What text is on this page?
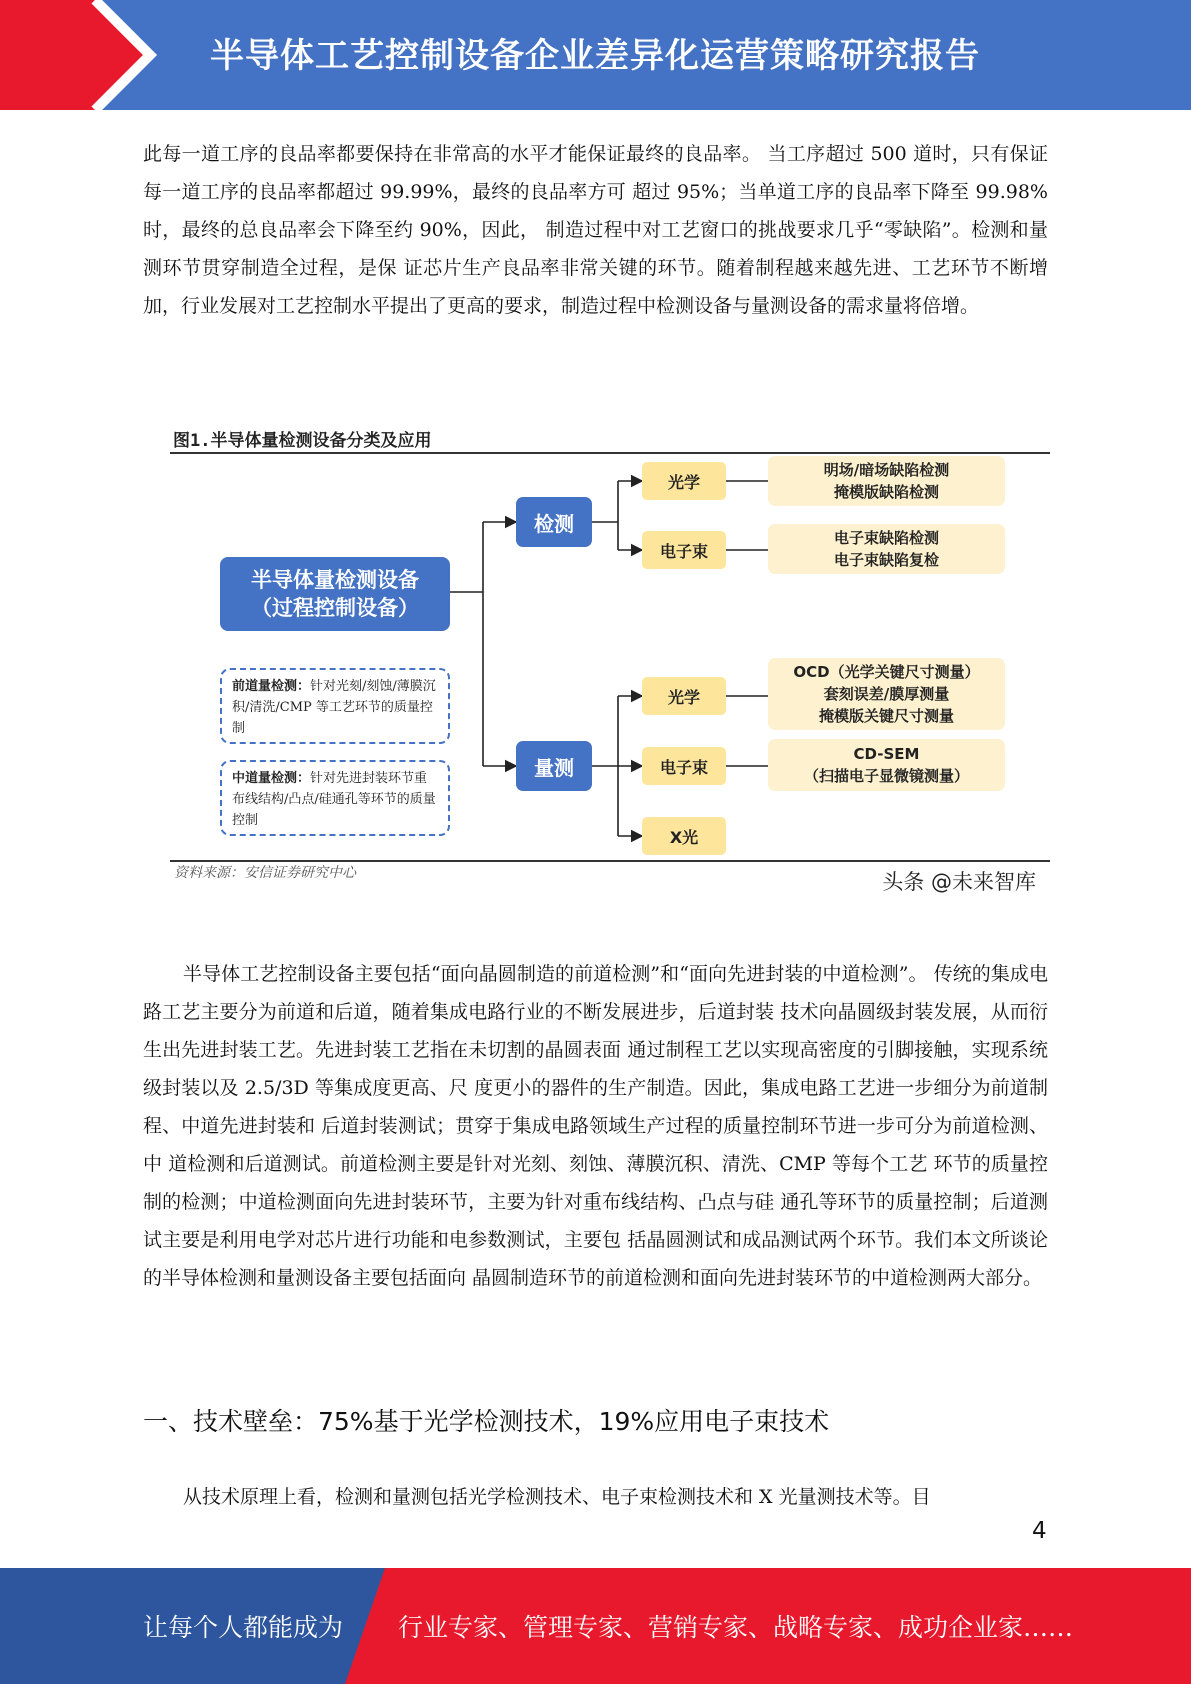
半导体工艺控制设备企业差异化运营策略研究报告

此每一道工序的良品率都要保持在非常高的水平才能保证最终的良品率。 当工序超过 500 道时，只有保证每一道工序的良品率都超过 99.99%，最终的良品率方可 超过 95%；当单道工序的良品率下降至 99.98%时，最终的总良品率会下降至约 90%，因此， 制造过程中对工艺窗口的挑战要求几乎“零缺陷”。检测和量测环节贯穿制造全过程，是保 证芯片生产良品率非常关键的环节。随着制程越来越先进、工艺环节不断增加，行业发展对工艺控制水平提出了更高的要求，制造过程中检测设备与量测设备的需求量将倍增。

图1.半导体量检测设备分类及应用
半导体量检测设备
（过程控制设备）
检测
量测
光学
电子束
光学
电子束
X光
明场/暗场缺陷检测
掩模版缺陷检测
电子束缺陷检测
电子束缺陷复检
OCD（光学关键尺寸测量）
套刻误差/膜厚测量
掩模版关键尺寸测量
CD-SEM
（扫描电子显微镜测量）
前道量检测：针对光刻/刻蚀/薄膜沉积/清洗/CMP 等工艺环节的质量控制
中道量检测：针对先进封装环节重布线结构/凸点/硅通孔等环节的质量控制
资料来源：安信证券研究中心	头条 @未来智库

半导体工艺控制设备主要包括“面向晶圆制造的前道检测”和“面向先进封装的中道检测”。 传统的集成电路工艺主要分为前道和后道，随着集成电路行业的不断发展进步，后道封装 技术向晶圆级封装发展，从而衍生出先进封装工艺。先进封装工艺指在未切割的晶圆表面 通过制程工艺以实现高密度的引脚接触，实现系统级封装以及 2.5/3D 等集成度更高、尺 度更小的器件的生产制造。因此，集成电路工艺进一步细分为前道制程、中道先进封装和 后道封装测试；贯穿于集成电路领域生产过程的质量控制环节进一步可分为前道检测、中 道检测和后道测试。前道检测主要是针对光刻、刻蚀、薄膜沉积、清洗、CMP 等每个工艺 环节的质量控制的检测；中道检测面向先进封装环节，主要为针对重布线结构、凸点与硅 通孔等环节的质量控制；后道测试主要是利用电学对芯片进行功能和电参数测试，主要包 括晶圆测试和成品测试两个环节。我们本文所谈论的半导体检测和量测设备主要包括面向 晶圆制造环节的前道检测和面向先进封装环节的中道检测两大部分。

一、技术壁垒：75%基于光学检测技术，19%应用电子束技术

从技术原理上看，检测和量测包括光学检测技术、电子束检测技术和 X 光量测技术等。目

4
让每个人都能成为 行业专家、管理专家、营销专家、战略专家、成功企业家……
